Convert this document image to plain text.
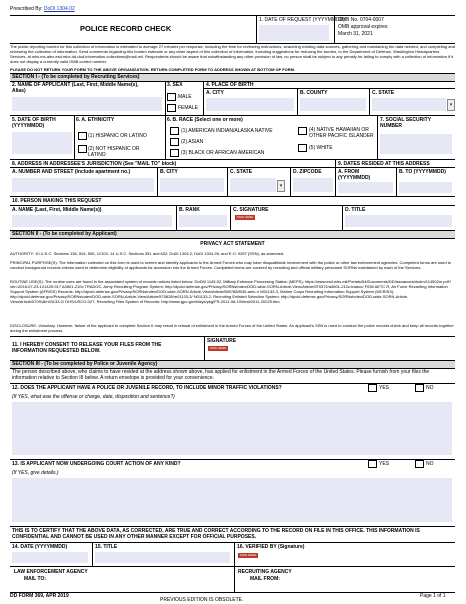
Prescribed By: DoDI 1304.02
POLICE RECORD CHECK
1. DATE OF REQUEST (YYYYMMDD)
OMB No. 0704-0007
OMB approval expires
March 31, 2021
The public reporting burden for this collection of information is estimated to average 27 minutes per response, including the time for reviewing instructions, searching existing data sources, gathering and maintaining the data needed, and completing and reviewing the collection of information. Send comments regarding this burden estimate or any other aspect of this collection of information, including suggestions for reducing the burden, to the Department of Defense, Washington Headquarters Services, at whs.mc-alex.esd.mbx.dd-dod-information-collections@mail.mil. Respondents should be aware that notwithstanding any other provision of law, no person shall be subject to any penalty for failing to comply with a collection of information if it does not display a currently valid OMB control number.
PLEASE DO NOT RETURN YOUR FORM TO THE ABOVE ORGANIZATION. RETURN COMPLETED FORM TO ADDRESS SHOWN AT BOTTOM OF FORM.
SECTION I - (To be completed by Recruiting Services)
2. NAME OF APPLICANT (Last, First, Middle Name(s), Alias)
3. SEX
MALE
FEMALE
4. PLACE OF BIRTH
A. CITY	B. COUNTY	C. STATE
▾
5. DATE OF BIRTH (YYYYMMDD)
6. A. ETHNICITY
(1) HISPANIC OR LATINO
(2) NOT HISPANIC OR LATINO
6. B. RACE (Select one or more)
(1) AMERICAN INDIAN/ALASKA NATIVE
(2) ASIAN
(3) BLACK OR AFRICAN AMERICAN
(4) NATIVE HAWAIIAN OR OTHER PACIFIC ISLANDER
(5) WHITE
7. SOCIAL SECURITY NUMBER
8. ADDRESS IN ADDRESSEE'S JURISDICTION (See "MAIL TO" block)	9. DATES RESIDED AT THIS ADDRESS
A. NUMBER AND STREET (Include apartment no.)	B. CITY	C. STATE
▾
D. ZIPCODE	A. FROM (YYYYMMDD)
B. TO (YYYYMMDD)
10. PERSON MAKING THIS REQUEST
A. NAME (Last, First, Middle Name(s))	B. RANK	C. SIGNATURE
SIGN HERE
D. TITLE
SECTION II - (To be completed by Applicant)
PRIVACY ACT STATEMENT
AUTHORITY: 10 U.S.C. Sections 136, 504, 505, 12102; 14 U.S.C. Sections 351 and 632; DoDI 1304.2; DoDI 1304.26; and E.O. 9397 (SSN), as amended.
PRINCIPAL PURPOSE(S): The information collected on this form is used to screen and identify applicants to the Armed Forces who may have disqualifiable involvement with the police or other law enforcement agencies. Completed forms are used to conduct background records checks used to determine eligibility of applicants for accession into the Armed Forces. Completed forms are covered by recruiting and official military personnel SORNs maintained by each of the Services.
ROUTINE USE(S): The routine uses are found in the associated system of records notices listed below: DoDM 1145.02, Military Entrance Processing Station (MEPS): https://www.esd.whs.mil/Portals/54/Documents/DD/issuances/dodm/114502m.pdf?ver=2018-07-23-121425-917 A0601-210c TRADOC, Army Recruiting Program System: http://dpcld.defense.gov/Privacy/SORNsIndex/DOD-wide-SORN-Article-View/Article/570372/a0601-210c-tradoc/ F036 AETC R, Air Force Recruiting Information Support System (AFRISS) Records: http://dpcld.defense.gov/Privacy/SORNsIndex/DOD-wide-SORN-Article-View/Article/569788/f036-aetc-r/ M01133-3, Marine Corps Recruiting Information Support System (MCRISS): http://dpcld.defense.gov/Privacy/SORNsIndex/DOD-wide-SORN-Article-View/Article/570828/m01133-3/ N01133-2, Recruiting Enlisted Selection System: http://dpcld.defense.gov/Privacy/SORNsIndex/DOD-wide-SORN-Article-View/Article/570918/n01133-2/ DHS/USCG-027, Recruiting Files System of Records: http://www.gpo.gov/fdsys/pkg/FR-2011-08-10/html/2011-20225.htm
DISCLOSURE: Voluntary. However, failure of the applicant to complete Section II may result in refusal of enlistment in the Armed Forces of the United States. An applicant's SSN is used to conduct the police records check and keep all records together during the enlistment process.
11. I HEREBY CONSENT TO RELEASE YOUR FILES FROM THE INFORMATION REQUESTED BELOW.
SIGNATURE
SIGN HERE
SECTION III - (To be completed by Police or Juvenile Agency)
The person described above, who claims to have resided at the address shown above, has applied for enlistment in the Armed Forces of the United States. Please furnish from your files the information relative to Section III below. A return envelope is provided for your convenience.
12. DOES THE APPLICANT HAVE A POLICE OR JUVENILE RECORD, TO INCLUDE MINOR TRAFFIC VIOLATIONS?	YES	NO
(If YES, what was the offense or charge, date, disposition and sentence?)
13. IS APPLICANT NOW UNDERGOING COURT ACTION OF ANY KIND?	YES	NO
(If YES, give details.)
THIS IS TO CERTIFY THAT THE ABOVE DATA, AS CORRECTED, ARE TRUE AND CORRECT ACCORDING TO THE RECORD ON FILE IN THIS OFFICE. THIS INFORMATION IS CONFIDENTIAL AND CANNOT BE USED IN ANY OTHER MANNER EXCEPT FOR OFFICIAL PURPOSES.
14. DATE (YYYYMMDD)	15. TITLE	16. VERIFIED BY (Signature)
SIGN HERE
LAW ENFORCEMENT AGENCY
MAIL TO:
RECRUITING AGENCY
MAIL FROM:
DD FORM 369, APR 2019
PREVIOUS EDITION IS OBSOLETE.
Page 1 of 1
